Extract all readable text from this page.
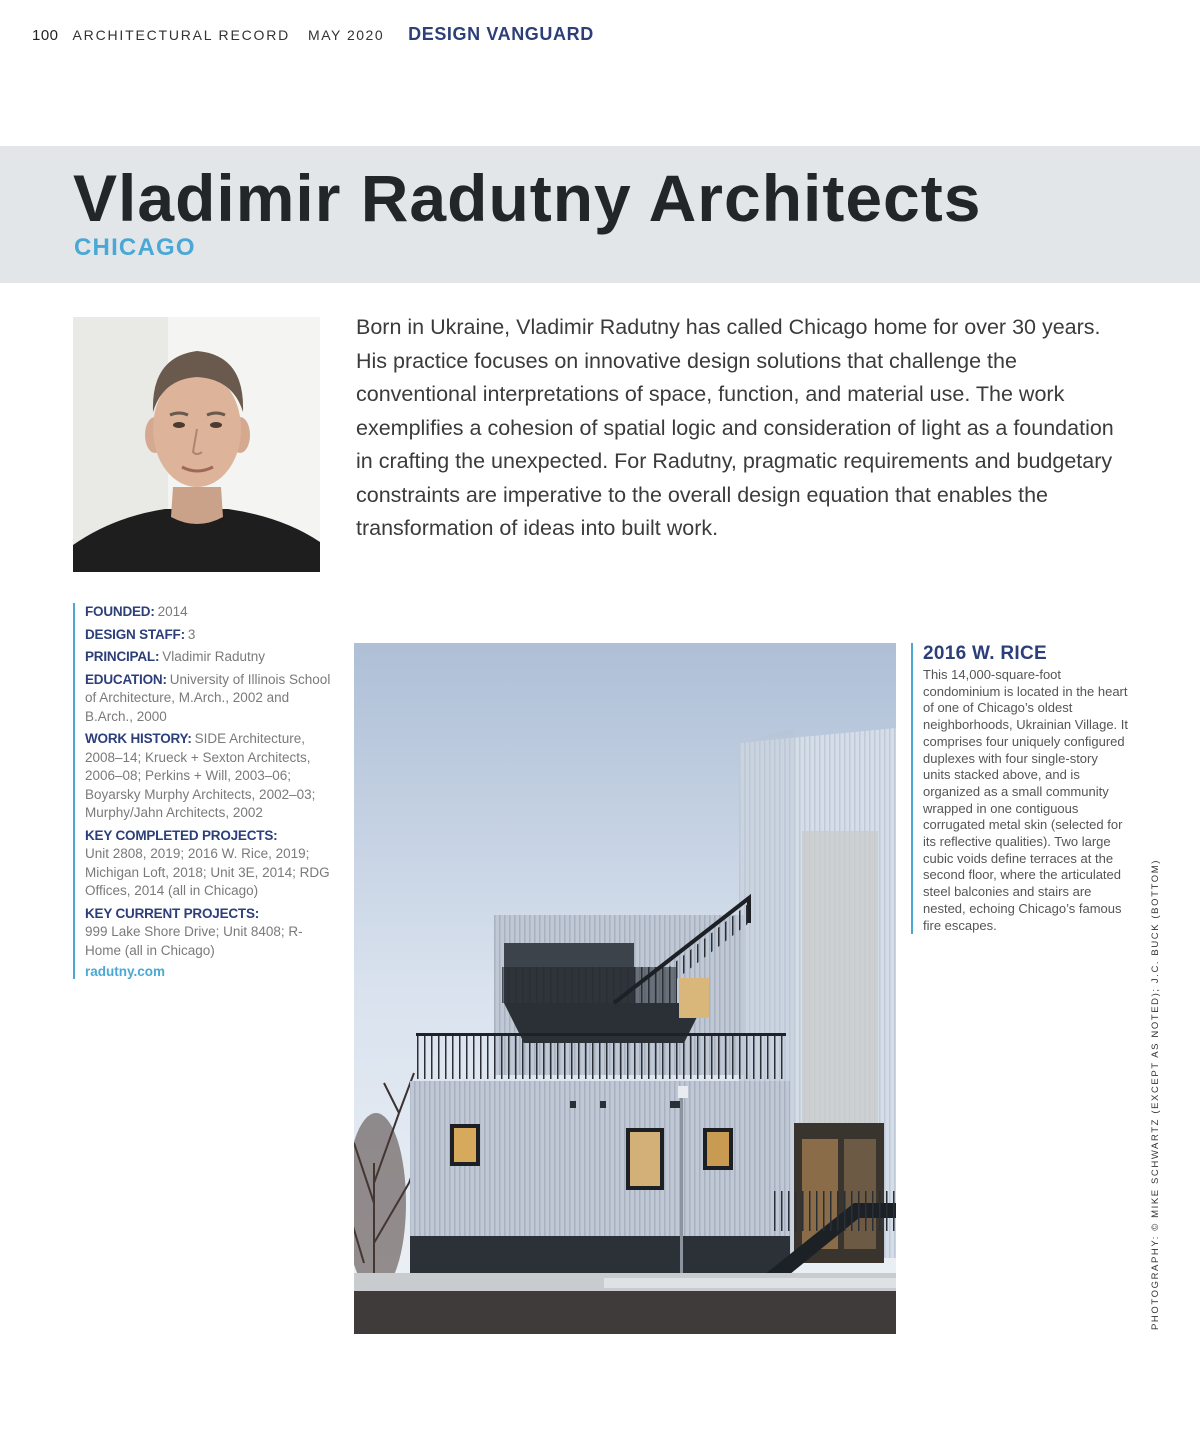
100 ARCHITECTURAL RECORD MAY 2020 DESIGN VANGUARD
Vladimir Radutny Architects
CHICAGO

Born in Ukraine, Vladimir Radutny has called Chicago home for over 30 years. His practice focuses on innovative design solutions that challenge the conventional interpretations of space, function, and material use. The work exemplifies a cohesion of spatial logic and consideration of light as a foundation in crafting the unexpected. For Radutny, pragmatic requirements and budgetary constraints are imperative to the overall design equation that enables the transformation of ideas into built work.

FOUNDED: 2014
DESIGN STAFF: 3
PRINCIPAL: Vladimir Radutny
EDUCATION: University of Illinois School of Architecture, M.Arch., 2002 and B.Arch., 2000
WORK HISTORY: SIDE Architecture, 2008–14; Krueck + Sexton Architects, 2006–08; Perkins + Will, 2003–06; Boyarsky Murphy Architects, 2002–03; Murphy/Jahn Architects, 2002
KEY COMPLETED PROJECTS:
Unit 2808, 2019; 2016 W. Rice, 2019; Michigan Loft, 2018; Unit 3E, 2014; RDG Offices, 2014 (all in Chicago)
KEY CURRENT PROJECTS:
999 Lake Shore Drive; Unit 8408; R-Home (all in Chicago)
radutny.com
2016 W. RICE

This 14,000-square-foot condominium is located in the heart of one of Chicago’s oldest neighborhoods, Ukrainian Village. It comprises four uniquely configured duplexes with four single-story units stacked above, and is organized as a small community wrapped in one contiguous corrugated metal skin (selected for its reflective qualities). Two large cubic voids define terraces at the second floor, where the articulated steel balconies and stairs are nested, echoing Chicago’s famous fire escapes.	PHOTOGRAPHY: © MIKE SCHWARTZ (EXCEPT AS NOTED); J.C. BUCK (BOTTOM)
